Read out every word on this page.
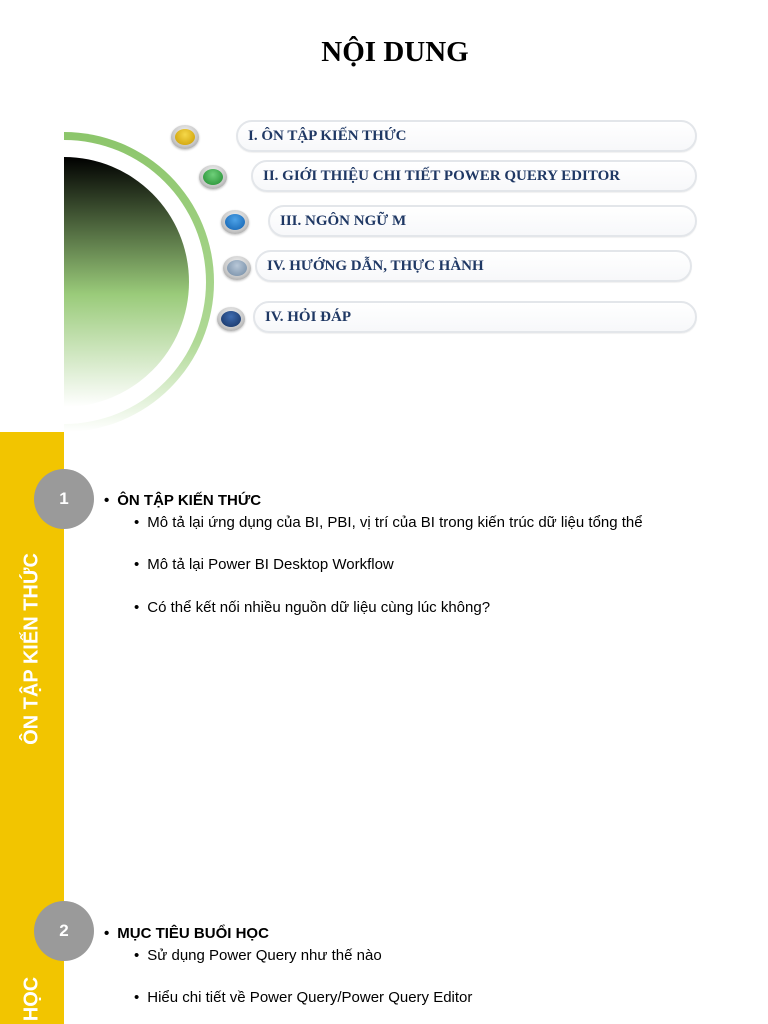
NỘI DUNG
I. ÔN TẬP KIẾN THỨC
II. GIỚI THIỆU CHI TIẾT POWER QUERY EDITOR
III. NGÔN NGỮ M
IV. HƯỚNG DẪN, THỰC HÀNH
IV. HỎI ĐÁP
ÔN TẬP KIẾN THỨC
1	• ÔN TẬP KIẾN THỨC
• Mô tả lại ứng dụng của BI, PBI, vị trí của BI trong kiến trúc dữ liệu tổng thể
• Mô tả lại Power BI Desktop Workflow
• Có thể kết nối nhiều nguồn dữ liệu cùng lúc không?
HỌC
2	• MỤC TIÊU BUỔI HỌC
• Sử dụng Power Query như thế nào
• Hiểu chi tiết về Power Query/Power Query Editor
